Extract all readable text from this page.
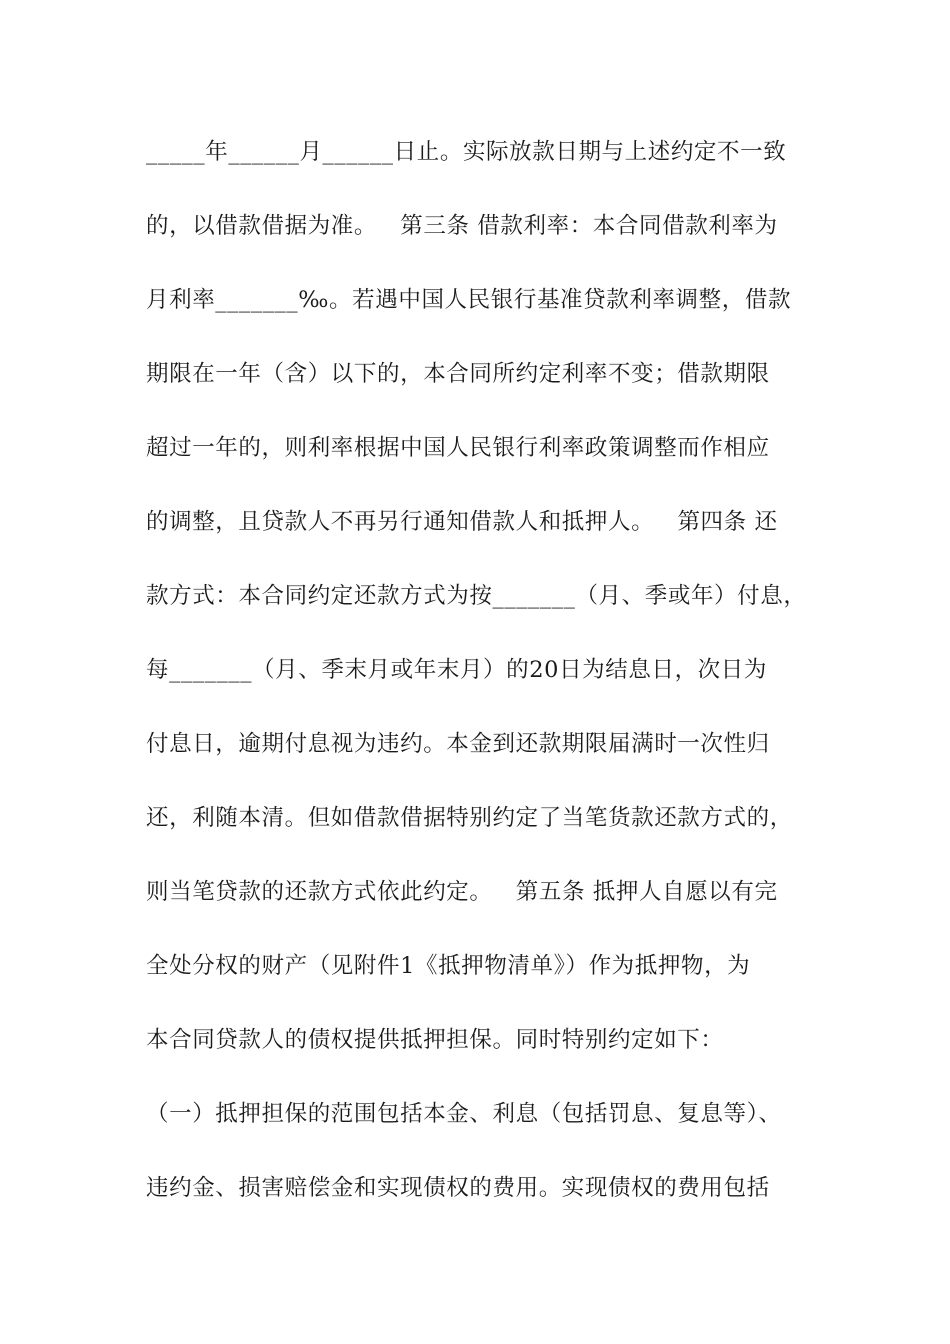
_____年______月______日止。实际放款日期与上述约定不一致
的，以借款借据为准。   第三条 借款利率：本合同借款利率为
月利率_______‰。若遇中国人民银行基准贷款利率调整，借款
期限在一年（含）以下的，本合同所约定利率不变；借款期限
超过一年的，则利率根据中国人民银行利率政策调整而作相应
的调整，且贷款人不再另行通知借款人和抵押人。   第四条 还
款方式：本合同约定还款方式为按_______（月、季或年）付息，
每_______（月、季末月或年末月）的20日为结息日，次日为
付息日，逾期付息视为违约。本金到还款期限届满时一次性归
还，利随本清。但如借款借据特别约定了当笔货款还款方式的，
则当笔贷款的还款方式依此约定。   第五条 抵押人自愿以有完
全处分权的财产（见附件1《抵押物清单》）作为抵押物，为
本合同贷款人的债权提供抵押担保。同时特别约定如下：
（一）抵押担保的范围包括本金、利息（包括罚息、复息等）、
违约金、损害赔偿金和实现债权的费用。实现债权的费用包括
